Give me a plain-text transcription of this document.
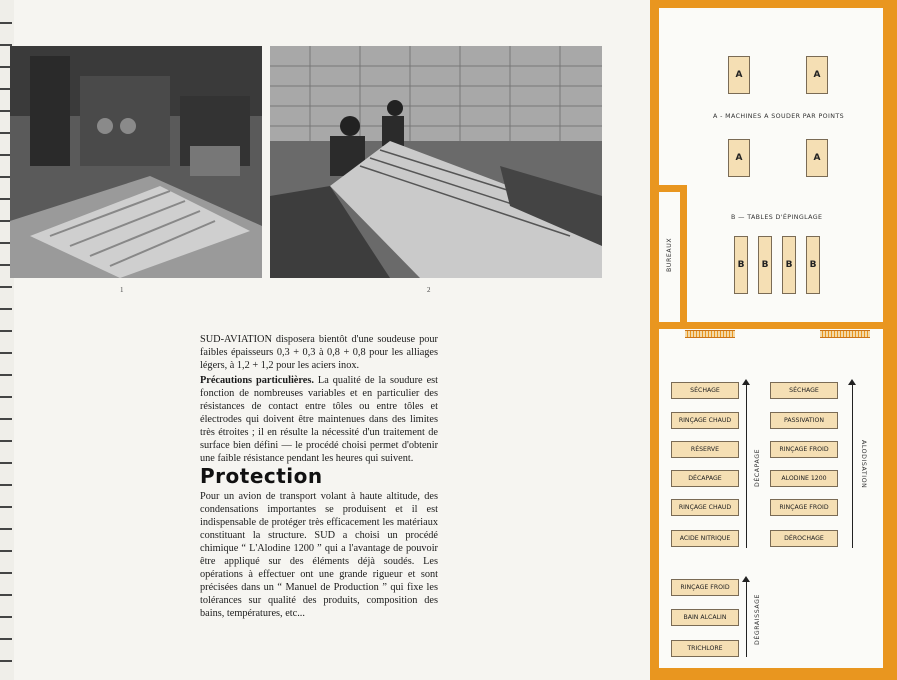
1	2

SUD-AVIATION disposera bientôt d'une soudeuse pour faibles épaisseurs 0,3 + 0,3 à 0,8 + 0,8 pour les alliages légers, à 1,2 + 1,2 pour les aciers inox.

Précautions particulières. La qualité de la soudure est fonction de nombreuses variables et en particulier des résistances de contact entre tôles ou entre tôles et électrodes qui doivent être maintenues dans des limites très étroites ; il en résulte la nécessité d'un traitement de surface bien défini — le procédé choisi permet d'obtenir une faible résistance pendant les heures qui suivent.

Protection

Pour un avion de transport volant à haute altitude, des condensations importantes se produisent et il est indispensable de protéger très efficacement les matériaux constituant la structure. SUD a choisi un procédé chimique “ L'Alodine 1200 ” qui a l'avantage de pouvoir être appliqué sur des éléments déjà soudés. Les opérations à effectuer ont une grande rigueur et sont précisées dans un “ Manuel de Production ” qui fixe les tolérances sur qualité des produits, composition des bains, températures, etc...

BUREAUX
A	A
A - MACHINES A SOUDER PAR POINTS
A	A
B — TABLES D'ÉPINGLAGE
B	B	B	B
SÉCHAGE
RINÇAGE CHAUD
RÉSERVE
DÉCAPAGE
RINÇAGE CHAUD
ACIDE NITRIQUE
DÉCAPAGE
SÉCHAGE
PASSIVATION
RINÇAGE FROID
ALODINE 1200
RINÇAGE FROID
DÉROCHAGE
ALODISATION
RINÇAGE FROID
BAIN ALCALIN
TRICHLORE
DÉGRAISSAGE
